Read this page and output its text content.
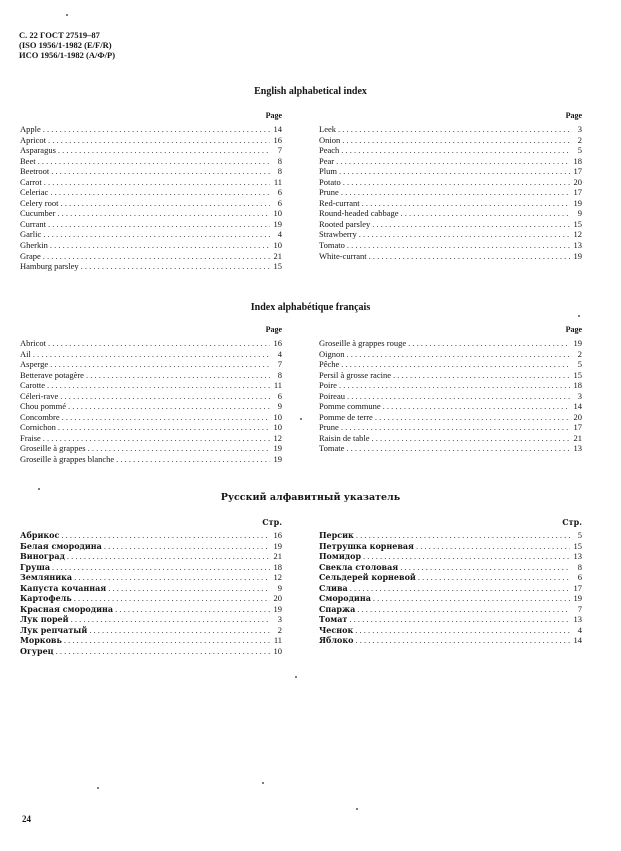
С. 22 ГОСТ 27519–87
(ISO 1956/1-1982 (E/F/R)
ИСО 1956/1-1982 (А/Ф/Р)
English alphabetical index
Page
Apple . . .	14
Apricot . . .	16
Asparagus . . .	7
Beet . . .	8
Beetroot . . .	8
Carrot . . .	11
Celeriac . . .	6
Celery root . . .	6
Cucumber . . .	10
Currant . . .	19
Garlic . . .	4
Gherkin . . .	10
Grape . . .	21
Hamburg parsley . . .	15
Page
Leek . . .	3
Onion . . .	2
Peach . . .	5
Pear . . .	18
Plum . . .	17
Potato . . .	20
Prune . . .	17
Red-currant . . .	19
Round-headed cabbage . . .	9
Rooted parsley . . .	15
Strawberry . . .	12
Tomato . . .	13
White-currant . . .	19
Index alphabétique français
Page
Abricot . . .	16
Ail . . .	4
Asperge . . .	7
Betterave potagère . . .	8
Carotte . . .	11
Céleri-rave . . .	6
Chou pommé . . .	9
Concombre . . .	10
Cornichon . . .	10
Fraise . . .	12
Groseille à grappes . . .	19
Groseille à grappes blanche . . .	19
Page
Groseille à grappes rouge . . .	19
Oignon . . .	2
Pêche . . .	5
Persil à grosse racine . . .	15
Poire . . .	18
Poireau . . .	3
Pomme commune . . .	14
Pomme de terre . . .	20
Prune . . .	17
Raisin de table . . .	21
Tomate . . .	13
Русский алфавитный указатель
Стр.
Абрикос . . .	16
Белая смородина . . .	19
Виноград . . .	21
Груша . . .	18
Земляника . . .	12
Капуста кочанная . . .	9
Картофель . . .	20
Красная смородина . . .	19
Лук порей . . .	3
Лук репчатый . . .	2
Морковь . . .	11
Огурец . . .	10
Стр.
Персик . . .	5
Петрушка корневая . . .	15
Помидор . . .	13
Свекла столовая . . .	8
Сельдерей корневой . . .	6
Слива . . .	17
Смородина . . .	19
Спаржа . . .	7
Томат . . .	13
Чеснок . . .	4
Яблоко . . .	14
24
